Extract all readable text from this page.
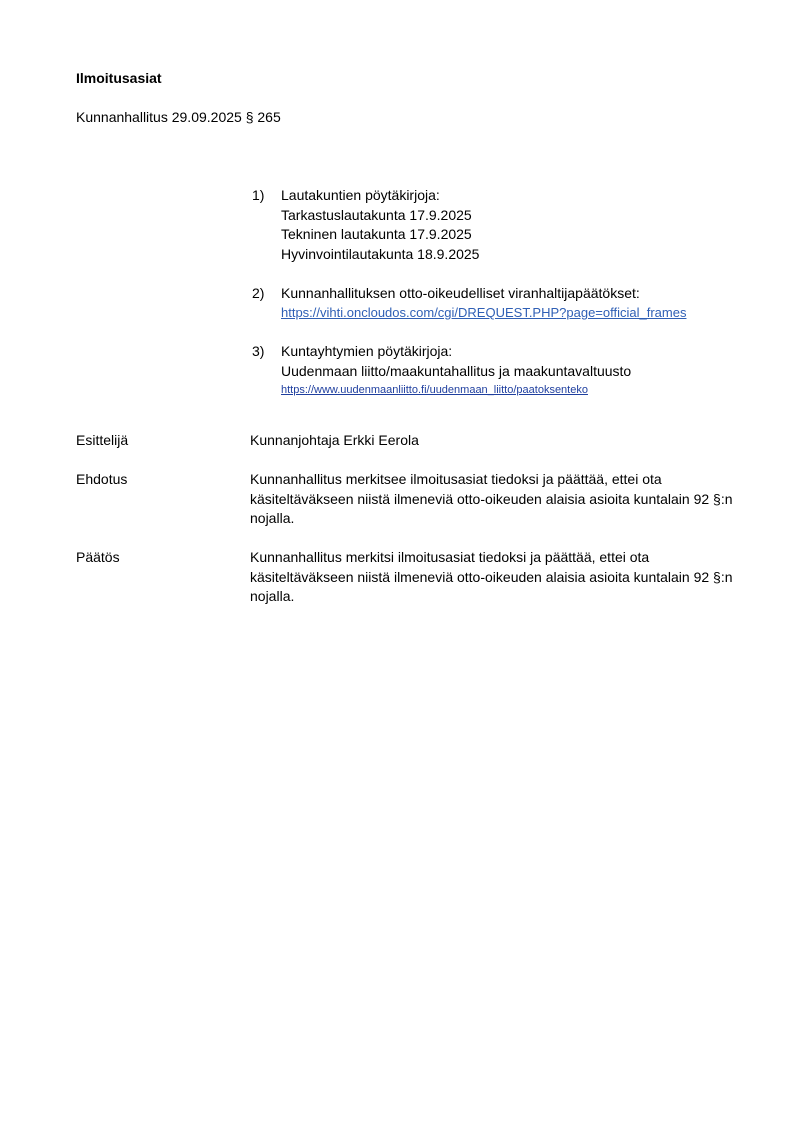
Ilmoitusasiat
Kunnanhallitus 29.09.2025 § 265
1) Lautakuntien pöytäkirjoja:
Tarkastuslautakunta 17.9.2025
Tekninen lautakunta 17.9.2025
Hyvinvointilautakunta 18.9.2025
2) Kunnanhallituksen otto-oikeudelliset viranhaltijapäätökset:
https://vihti.oncloudos.com/cgi/DREQUEST.PHP?page=official_frames
3) Kuntayhtymien pöytäkirjoja:
Uudenmaan liitto/maakuntahallitus ja maakuntavaltuusto
https://www.uudenmaanliitto.fi/uudenmaan_liitto/paatoksenteko
Esittelijä	Kunnanjohtaja Erkki Eerola
Ehdotus	Kunnanhallitus merkitsee ilmoitusasiat tiedoksi ja päättää, ettei ota käsiteltäväkseen niistä ilmeneviä otto-oikeuden alaisia asioita kuntalain 92 §:n nojalla.
Päätös	Kunnanhallitus merkitsi ilmoitusasiat tiedoksi ja päättää, ettei ota käsiteltäväkseen niistä ilmeneviä otto-oikeuden alaisia asioita kuntalain 92 §:n nojalla.
